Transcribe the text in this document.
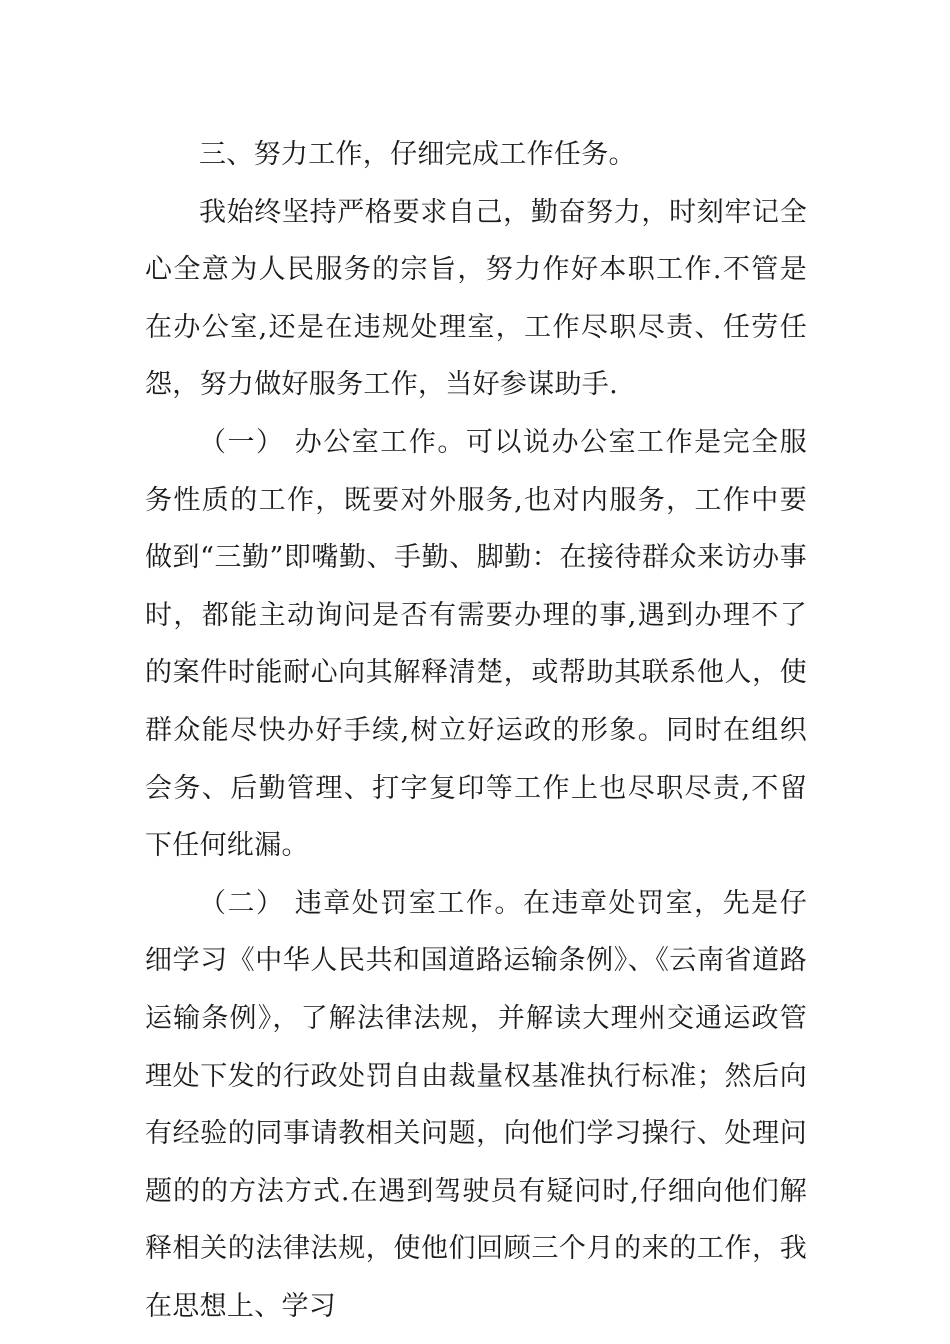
三、努力工作，仔细完成工作任务。

我始终坚持严格要求自己，勤奋努力，时刻牢记全心全意为人民服务的宗旨，努力作好本职工作.不管是在办公室,还是在违规处理室，工作尽职尽责、任劳任怨，努力做好服务工作，当好参谋助手.

（一） 办公室工作。可以说办公室工作是完全服务性质的工作，既要对外服务,也对内服务，工作中要做到“三勤”即嘴勤、手勤、脚勤：在接待群众来访办事时，都能主动询问是否有需要办理的事,遇到办理不了的案件时能耐心向其解释清楚，或帮助其联系他人，使群众能尽快办好手续,树立好运政的形象。同时在组织会务、后勤管理、打字复印等工作上也尽职尽责,不留下任何纰漏。

（二） 违章处罚室工作。在违章处罚室，先是仔细学习《中华人民共和国道路运输条例》、《云南省道路运输条例》，了解法律法规，并解读大理州交通运政管理处下发的行政处罚自由裁量权基准执行标准；然后向有经验的同事请教相关问题，向他们学习操行、处理问题的的方法方式.在遇到驾驶员有疑问时,仔细向他们解释相关的法律法规，使他们回顾三个月的来的工作，我在思想上、学习
